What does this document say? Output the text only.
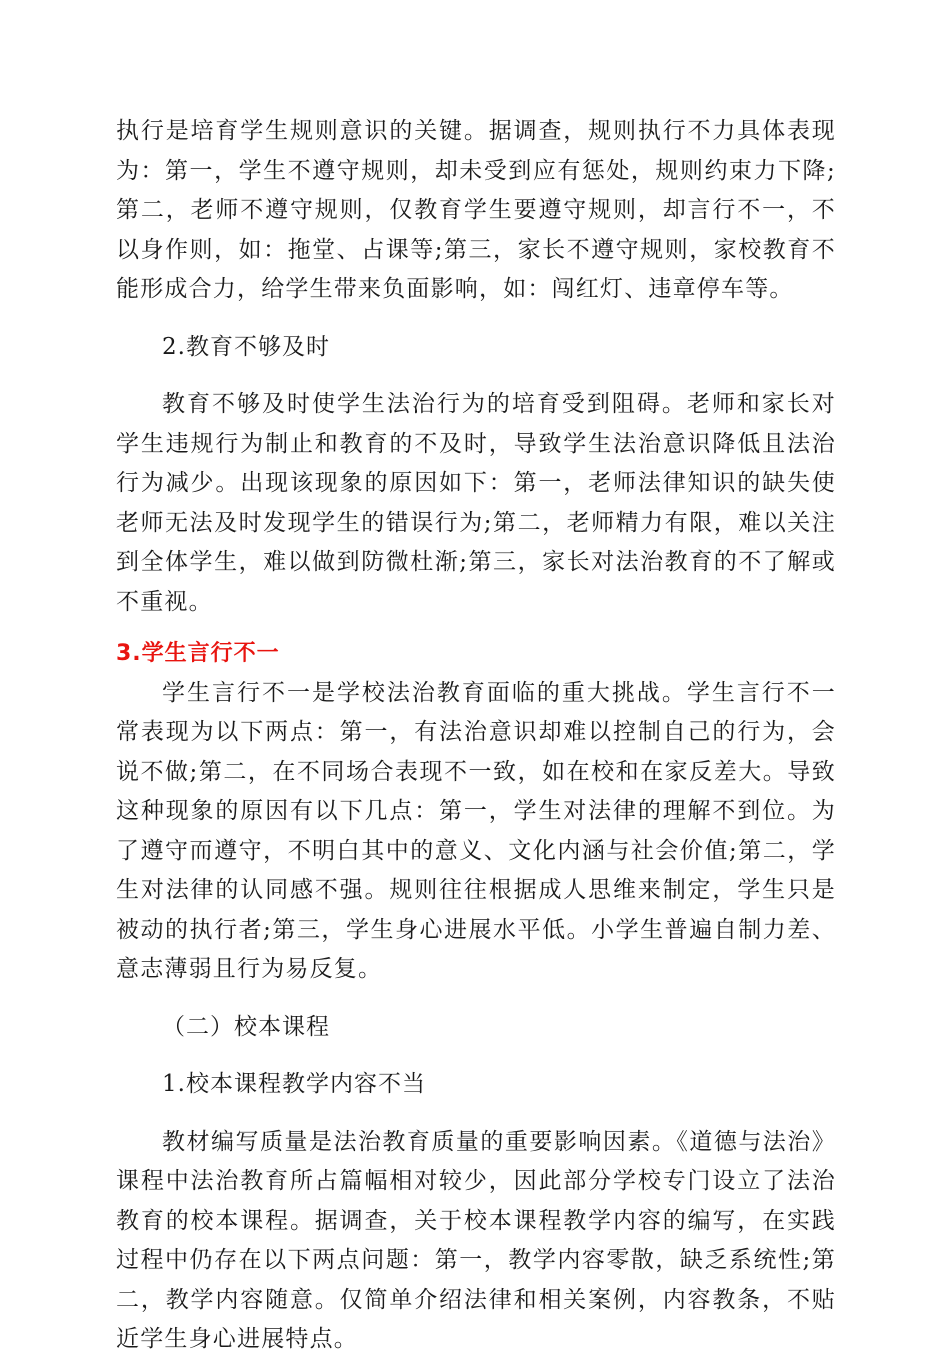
执行是培育学生规则意识的关键。据调查，规则执行不力具体表现为：第一，学生不遵守规则，却未受到应有惩处，规则约束力下降;第二，老师不遵守规则，仅教育学生要遵守规则，却言行不一，不以身作则，如：拖堂、占课等;第三，家长不遵守规则，家校教育不能形成合力，给学生带来负面影响，如：闯红灯、违章停车等。

2.教育不够及时

教育不够及时使学生法治行为的培育受到阻碍。老师和家长对学生违规行为制止和教育的不及时，导致学生法治意识降低且法治行为减少。出现该现象的原因如下：第一，老师法律知识的缺失使老师无法及时发现学生的错误行为;第二，老师精力有限，难以关注到全体学生，难以做到防微杜渐;第三，家长对法治教育的不了解或不重视。

3.学生言行不一

学生言行不一是学校法治教育面临的重大挑战。学生言行不一常表现为以下两点：第一，有法治意识却难以控制自己的行为，会说不做;第二，在不同场合表现不一致，如在校和在家反差大。导致这种现象的原因有以下几点：第一，学生对法律的理解不到位。为了遵守而遵守，不明白其中的意义、文化内涵与社会价值;第二，学生对法律的认同感不强。规则往往根据成人思维来制定，学生只是被动的执行者;第三，学生身心进展水平低。小学生普遍自制力差、意志薄弱且行为易反复。

（二）校本课程

1.校本课程教学内容不当

教材编写质量是法治教育质量的重要影响因素。《道德与法治》课程中法治教育所占篇幅相对较少，因此部分学校专门设立了法治教育的校本课程。据调查，关于校本课程教学内容的编写，在实践过程中仍存在以下两点问题：第一，教学内容零散，缺乏系统性;第二，教学内容随意。仅简单介绍法律和相关案例，内容教条，不贴近学生身心进展特点。
